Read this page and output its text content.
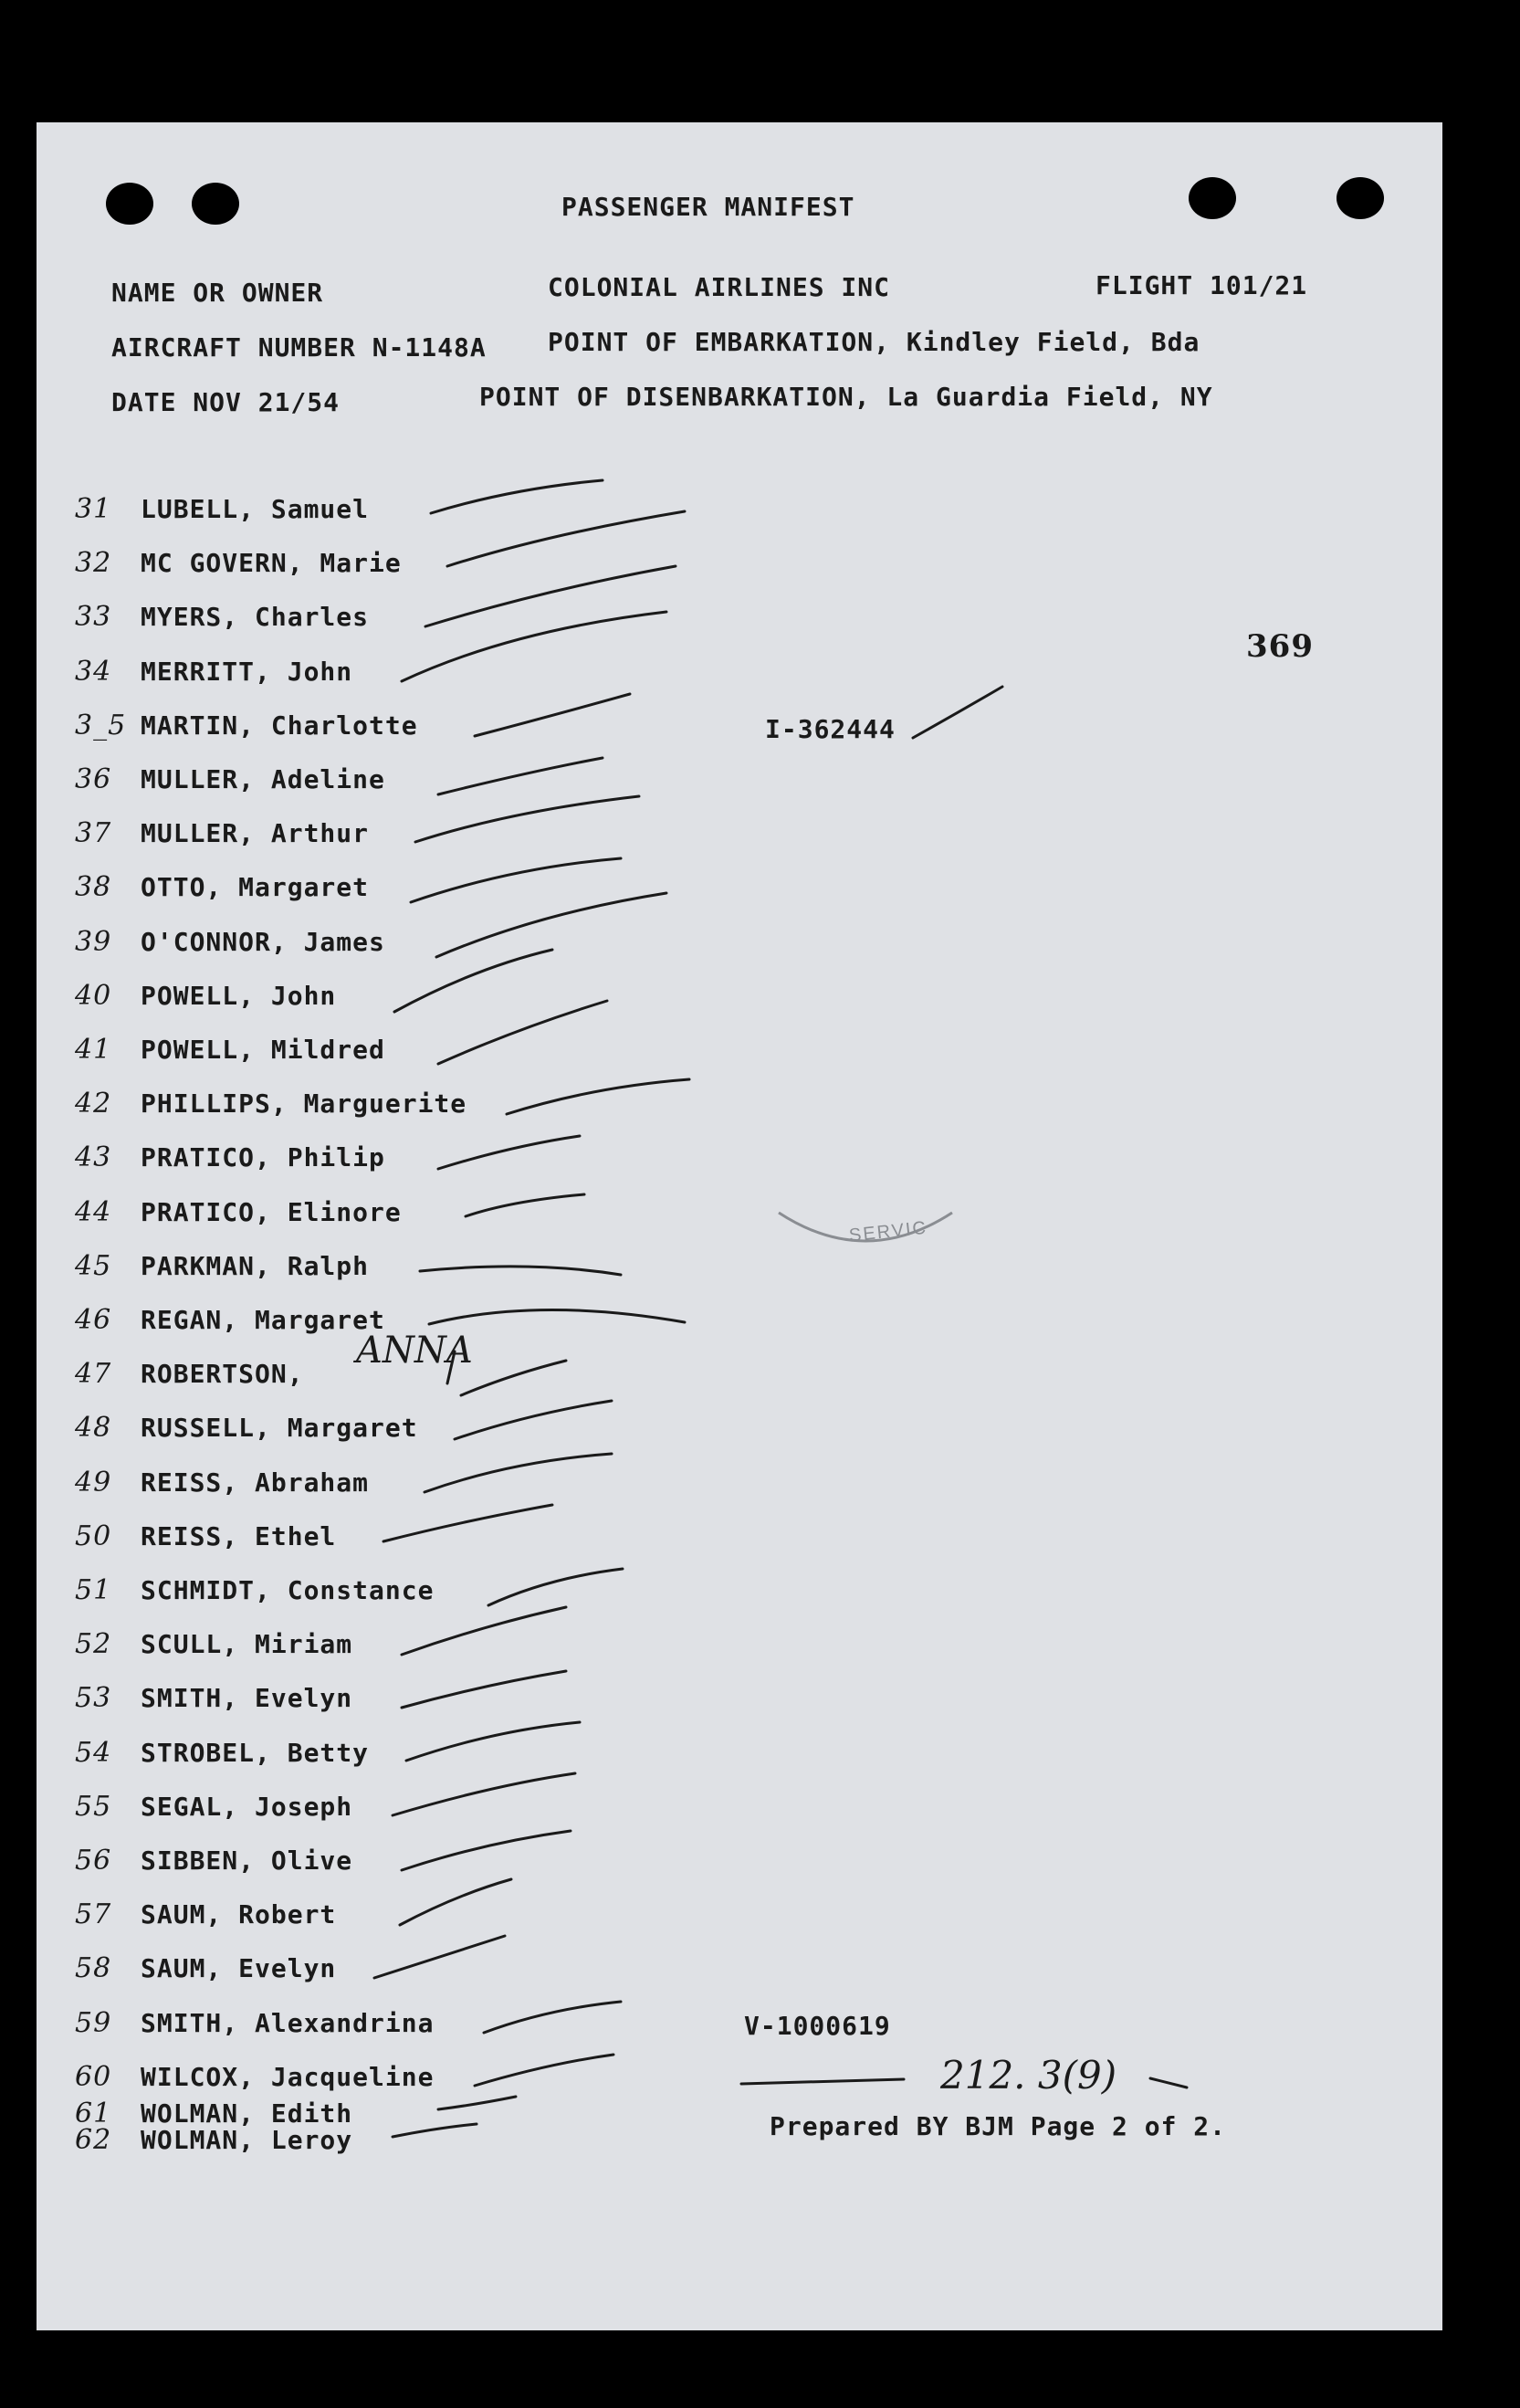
PASSENGER MANIFEST
NAME OR OWNER	COLONIAL AIRLINES INC	FLIGHT 101/21
AIRCRAFT NUMBER N-1148A POINT OF EMBARKATION, Kindley Field, Bda
DATE NOV 21/54	POINT OF DISENBARKATION, La Guardia Field, NY
369
31 LUBELL, Samuel
32 MC GOVERN, Marie
33 MYERS, Charles
34 MERRITT, John
3_5 MARTIN, Charlotte
36 MULLER, Adeline
37 MULLER, Arthur
38 OTTO, Margaret
39 O'CONNOR, James
40 POWELL, John
41 POWELL, Mildred
42 PHILLIPS, Marguerite
43 PRATICO, Philip
44 PRATICO, Elinore
45 PARKMAN, Ralph
46 REGAN, Margaret
47 ROBERTSON,
48 RUSSELL, Margaret
49 REISS, Abraham
50 REISS, Ethel
51 SCHMIDT, Constance
52 SCULL, Miriam
53 SMITH, Evelyn
54 STROBEL, Betty
55 SEGAL, Joseph
56 SIBBEN, Olive
57 SAUM, Robert
58 SAUM, Evelyn
59 SMITH, Alexandrina
60 WILCOX, Jacqueline
61 WOLMAN, Edith
62 WOLMAN, Leroy
ANNA
I-362444
V-1000619
212. 3(9)
Prepared BY BJM Page 2 of 2.
SERVIC
